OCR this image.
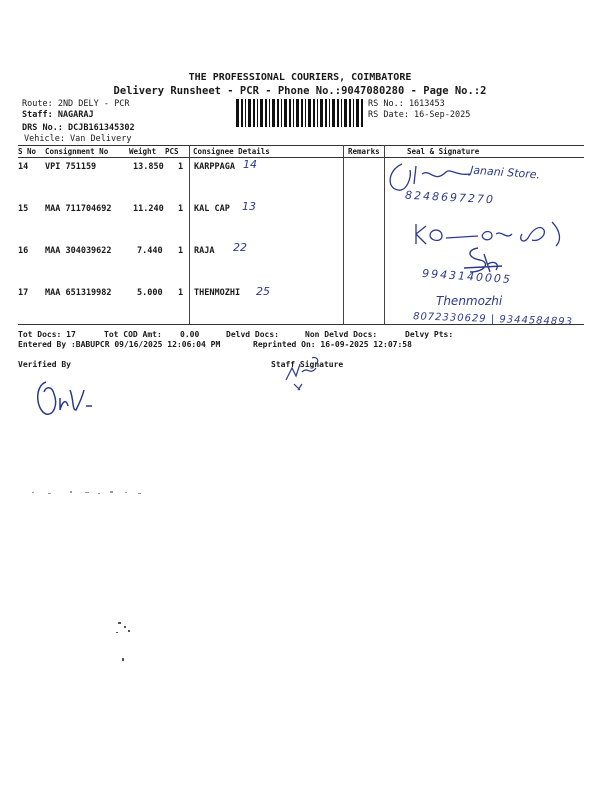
THE PROFESSIONAL COURIERS, COIMBATORE
Delivery Runsheet - PCR - Phone No.:9047080280 - Page No.:2
Route: 2ND DELY - PCR
Staff: NAGARAJ
DRS No.: DCJB161345302
Vehicle: Van Delivery
RS No.: 1613453
RS Date: 16-Sep-2025
S No Consignment No	Weight PCS Consignee Details	Remarks	Seal & Signature
14 VPI 751159	13.850 1 KARPPAGA 14	Janani Store.
8248697270
15 MAA 711704692	11.240 1 KAL CAP 13
16 MAA 304039622	7.440 1 RAJA 22
9943140005
17 MAA 651319982	5.000 1 THENMOZHI 25
Thenmozhi
8072330629 | 9344584893
Tot Docs: 17	Tot COD Amt: 0.00	Delvd Docs:	Non Delvd Docs:	Delvy Pts:
Entered By :BABUPCR 09/16/2025 12:06:04 PM	Reprinted On: 16-09-2025 12:07:58
Verified By	Staff Signature
